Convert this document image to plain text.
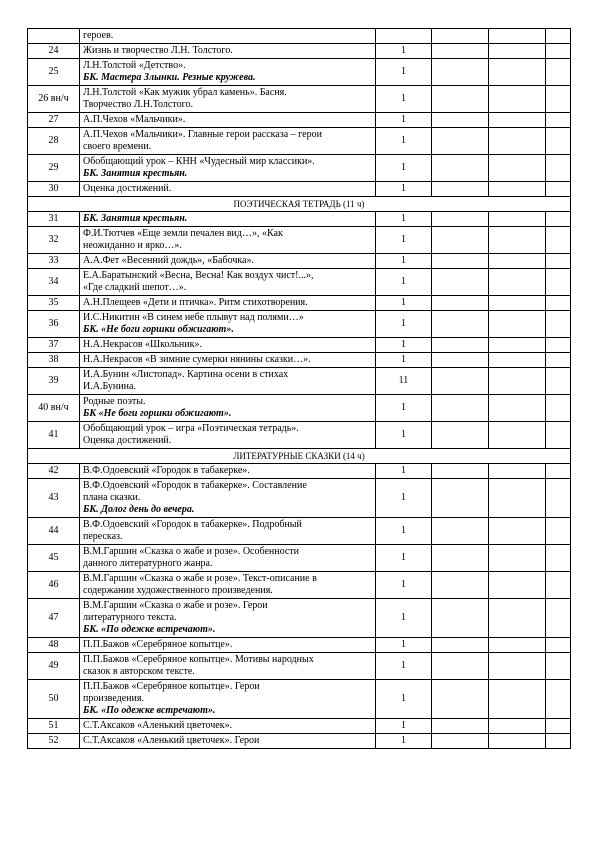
	героев.				

24	Жизнь и творчество Л.Н. Толстого.	1			
25	Л.Н.Толстой «Детство».
БК. Мастера Злынки. Резные кружева.	1			
26 вн/ч	Л.Н.Толстой «Как мужик убрал камень». Басня.
Творчество Л.Н.Толстого.	1			
27	А.П.Чехов «Мальчики».	1			
28	А.П.Чехов «Мальчики». Главные герои рассказа – герои
своего времени.	1			
29	Обобщающий урок – КНН «Чудесный мир классики».
БК. Занятия крестьян.	1			
30	Оценка достижений.	1			
ПОЭТИЧЕСКАЯ ТЕТРАДЬ (11 ч)					
31	БК. Занятия крестьян.	1			
32	Ф.И.Тютчев «Еще земли печален вид…», «Как
неожиданно и ярко…».	1			
33	А.А.Фет «Весенний дождь», «Бабочка».	1			
34	Е.А.Баратынский «Весна, Весна! Как воздух чист!...»,
«Где сладкий шепот…».	1			
35	А.Н.Плещеев «Дети и птичка». Ритм стихотворения.	1			
36	И.С.Никитин «В синем небе плывут над полями…»
БК. «Не боги горшки обжигают».	1			
37	Н.А.Некрасов «Школьник».	1			
38	Н.А.Некрасов «В зимние сумерки нянины сказки…».	1			
39	И.А.Бунин «Листопад». Картина осени в стихах
И.А.Бунина.	11			
40 вн/ч	Родные поэты.
БК «Не боги горшки обжигают».	1			
41	Обобщающий урок – игра «Поэтическая тетрадь».
Оценка достижений.	1			
ЛИТЕРАТУРНЫЕ СКАЗКИ (14 ч)					
42	В.Ф.Одоевский «Городок в табакерке».	1			
43	В.Ф.Одоевский «Городок в табакерке». Составление
плана сказки.
БК. Долог день до вечера.	1			
44	В.Ф.Одоевский «Городок в табакерке». Подробный
пересказ.	1			
45	В.М.Гаршин «Сказка о жабе и розе». Особенности
данного литературного жанра.	1			
46	В.М.Гаршин «Сказка о жабе и розе». Текст-описание в
содержании художественного произведения.	1			
47	В.М.Гаршин «Сказка о жабе и розе». Герои
литературного текста.
БК. «По одежке встречают».	1			
48	П.П.Бажов «Серебряное копытце».	1			
49	П.П.Бажов «Серебряное копытце». Мотивы народных
сказок в авторском тексте.	1			
50	П.П.Бажов «Серебряное копытце». Герои
произведения.
БК. «По одежке встречают».	1			
51	С.Т.Аксаков «Аленький цветочек».	1			
52	С.Т.Аксаков «Аленький цветочек». Герои	1			
